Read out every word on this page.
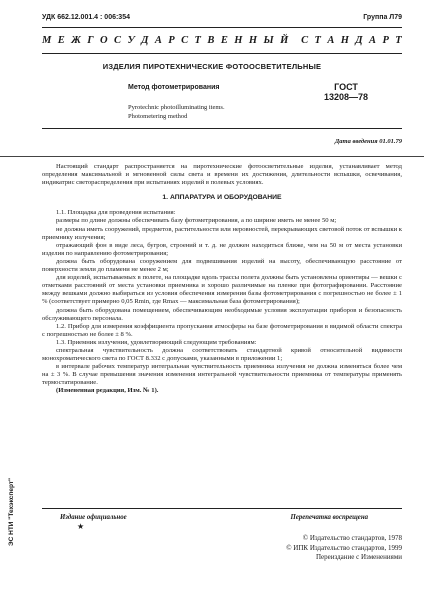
УДК 662.12.001.4 : 006:354	Группа Л79
М Е Ж Г О С У Д А Р С Т В Е Н Н Ы Й С Т А Н Д А Р Т
ИЗДЕЛИЯ ПИРОТЕХНИЧЕСКИЕ ФОТООСВЕТИТЕЛЬНЫЕ
Метод фотометрирования
Pyrotechnic photoilluminating items.
Photometering method
ГОСТ
13208—78
Дата введения 01.01.79

Настоящий стандарт распространяется на пиротехнические фотоосветительные изделия, устанавливает метод определения максимальной и мгновенной силы света и времени их достижения, длительности вспышки, освечивания, индикатрис светораспределения при испытаниях изделий в полевых условиях.

1. АППАРАТУРА И ОБОРУДОВАНИЕ

1.1. Площадка для проведения испытания:

размеры по длине должны обеспечивать базу фотометрирования, а по ширине иметь не менее 50 м;

не должна иметь сооружений, предметов, растительности или неровностей, перекрывающих световой поток от вспышки к приемнику излучения;

отражающий фон в виде леса, бугров, строений и т. д. не должен находиться ближе, чем на 50 м от места установки изделия по направлению фотометрирования;

должна быть оборудована сооружением для подвешивания изделий на высоту, обеспечивающую расстояние от поверхности земли до пламени не менее 2 м;

для изделий, испытываемых в полете, на площадке вдоль трассы полета должны быть установлены ориентиры — вешки с отметками расстояний от места установки приемника и хорошо различимые на пленке при фотографировании. Расстояние между вешками должно выбираться из условия обеспечения измерения базы фотометрирования с погрешностью не более ± 1 % (соответствует примерно 0,05 Rmin, где Rmax — максимальная база фотометрирования);

должна быть оборудована помещением, обеспечивающим необходимые условия эксплуатации приборов и безопасность обслуживающего персонала.

1.2. Прибор для измерения коэффициента пропускания атмосферы на базе фотометрирования в видимой области спектра с погрешностью не более ± 8 %.

1.3. Приемник излучения, удовлетворяющий следующим требованиям:

спектральная чувствительность должна соответствовать стандартной кривой относительной видимости монохроматического света по ГОСТ 8.332 с допусками, указанными в приложении 1;

в интервале рабочих температур интегральная чувствительность приемника излучения не должна изменяться более чем на ± 3 %. В случае превышения значения изменения интегральной чувствительности приемника от температуры применять термостатирование.

(Измененная редакция, Изм. № 1).

ЭС НТИ "Техэксперт"	Издание официальное
★
Перепечатка воспрещена
© Издательство стандартов, 1978
© ИПК Издательство стандартов, 1999
Переиздание с Изменениями
